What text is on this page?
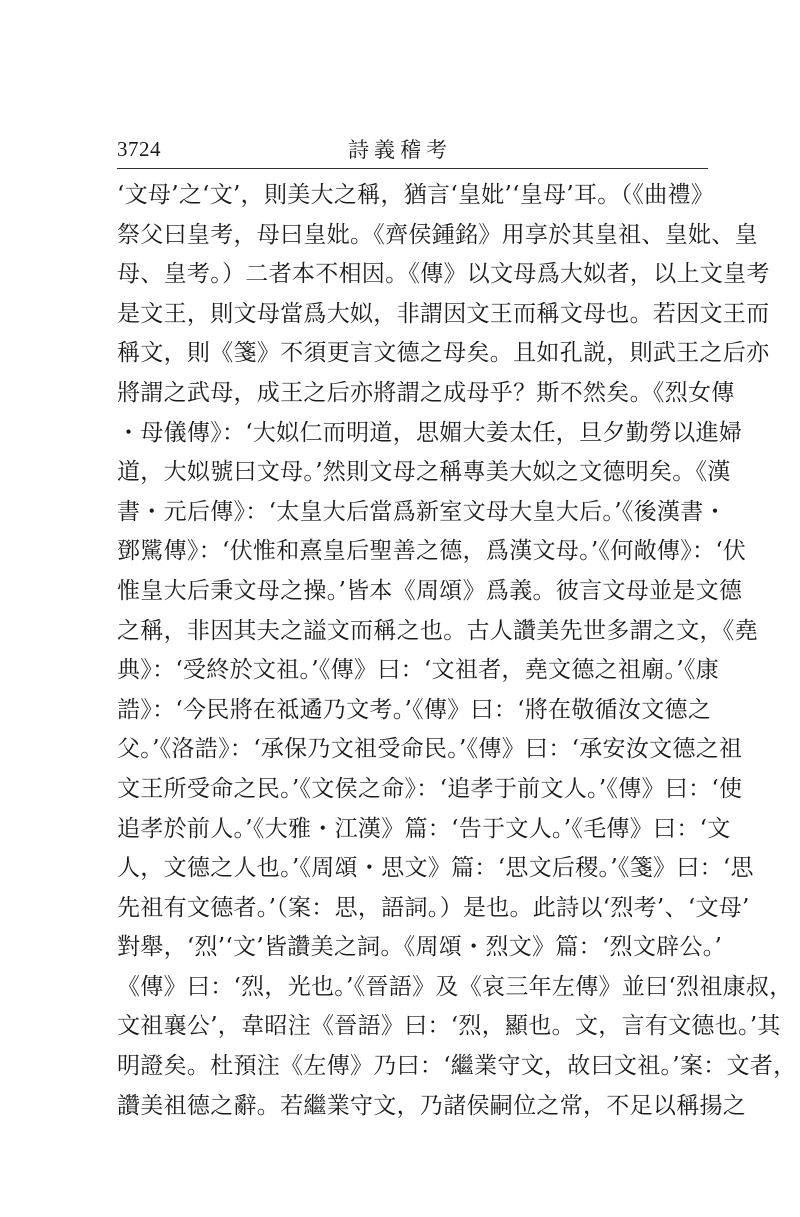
3724	詩義稽考
‘文母’之‘文’，則美大之稱，猶言‘皇妣’‘皇母’耳。（《曲禮》
祭父曰皇考，母曰皇妣。《齊侯鍾銘》用享於其皇祖、皇妣、皇
母、皇考。）二者本不相因。《傳》以文母爲大姒者，以上文皇考
是文王，則文母當爲大姒，非謂因文王而稱文母也。若因文王而
稱文，則《箋》不須更言文德之母矣。且如孔説，則武王之后亦
將謂之武母，成王之后亦將謂之成母乎？斯不然矣。《烈女傳
・母儀傳》：‘大姒仁而明道，思媚大姜太任，旦夕勤勞以進婦
道，大姒號曰文母。’然則文母之稱專美大姒之文德明矣。《漢
書・元后傳》：‘太皇大后當爲新室文母大皇大后。’《後漢書・
鄧騭傳》：‘伏惟和熹皇后聖善之德，爲漢文母。’《何敞傳》：‘伏
惟皇大后秉文母之操。’皆本《周頌》爲義。彼言文母並是文德
之稱，非因其夫之謚文而稱之也。古人讚美先世多謂之文，《堯
典》：‘受終於文祖。’《傳》曰：‘文祖者，堯文德之祖廟。’《康
誥》：‘今民將在祗遹乃文考。’《傳》曰：‘將在敬循汝文德之
父。’《洛誥》：‘承保乃文祖受命民。’《傳》曰：‘承安汝文德之祖
文王所受命之民。’《文侯之命》：‘追孝于前文人。’《傳》曰：‘使
追孝於前人。’《大雅・江漢》篇：‘告于文人。’《毛傳》曰：‘文
人，文德之人也。’《周頌・思文》篇：‘思文后稷。’《箋》曰：‘思
先祖有文德者。’（案：思，語詞。）是也。此詩以‘烈考’、‘文母’
對舉，‘烈’‘文’皆讚美之詞。《周頌・烈文》篇：‘烈文辟公。’
《傳》曰：‘烈，光也。’《晉語》及《哀三年左傳》並曰‘烈祖康叔，
文祖襄公’，韋昭注《晉語》曰：‘烈，顯也。文，言有文德也。’其
明證矣。杜預注《左傳》乃曰：‘繼業守文，故曰文祖。’案：文者，
讚美祖德之辭。若繼業守文，乃諸侯嗣位之常，不足以稱揚之
